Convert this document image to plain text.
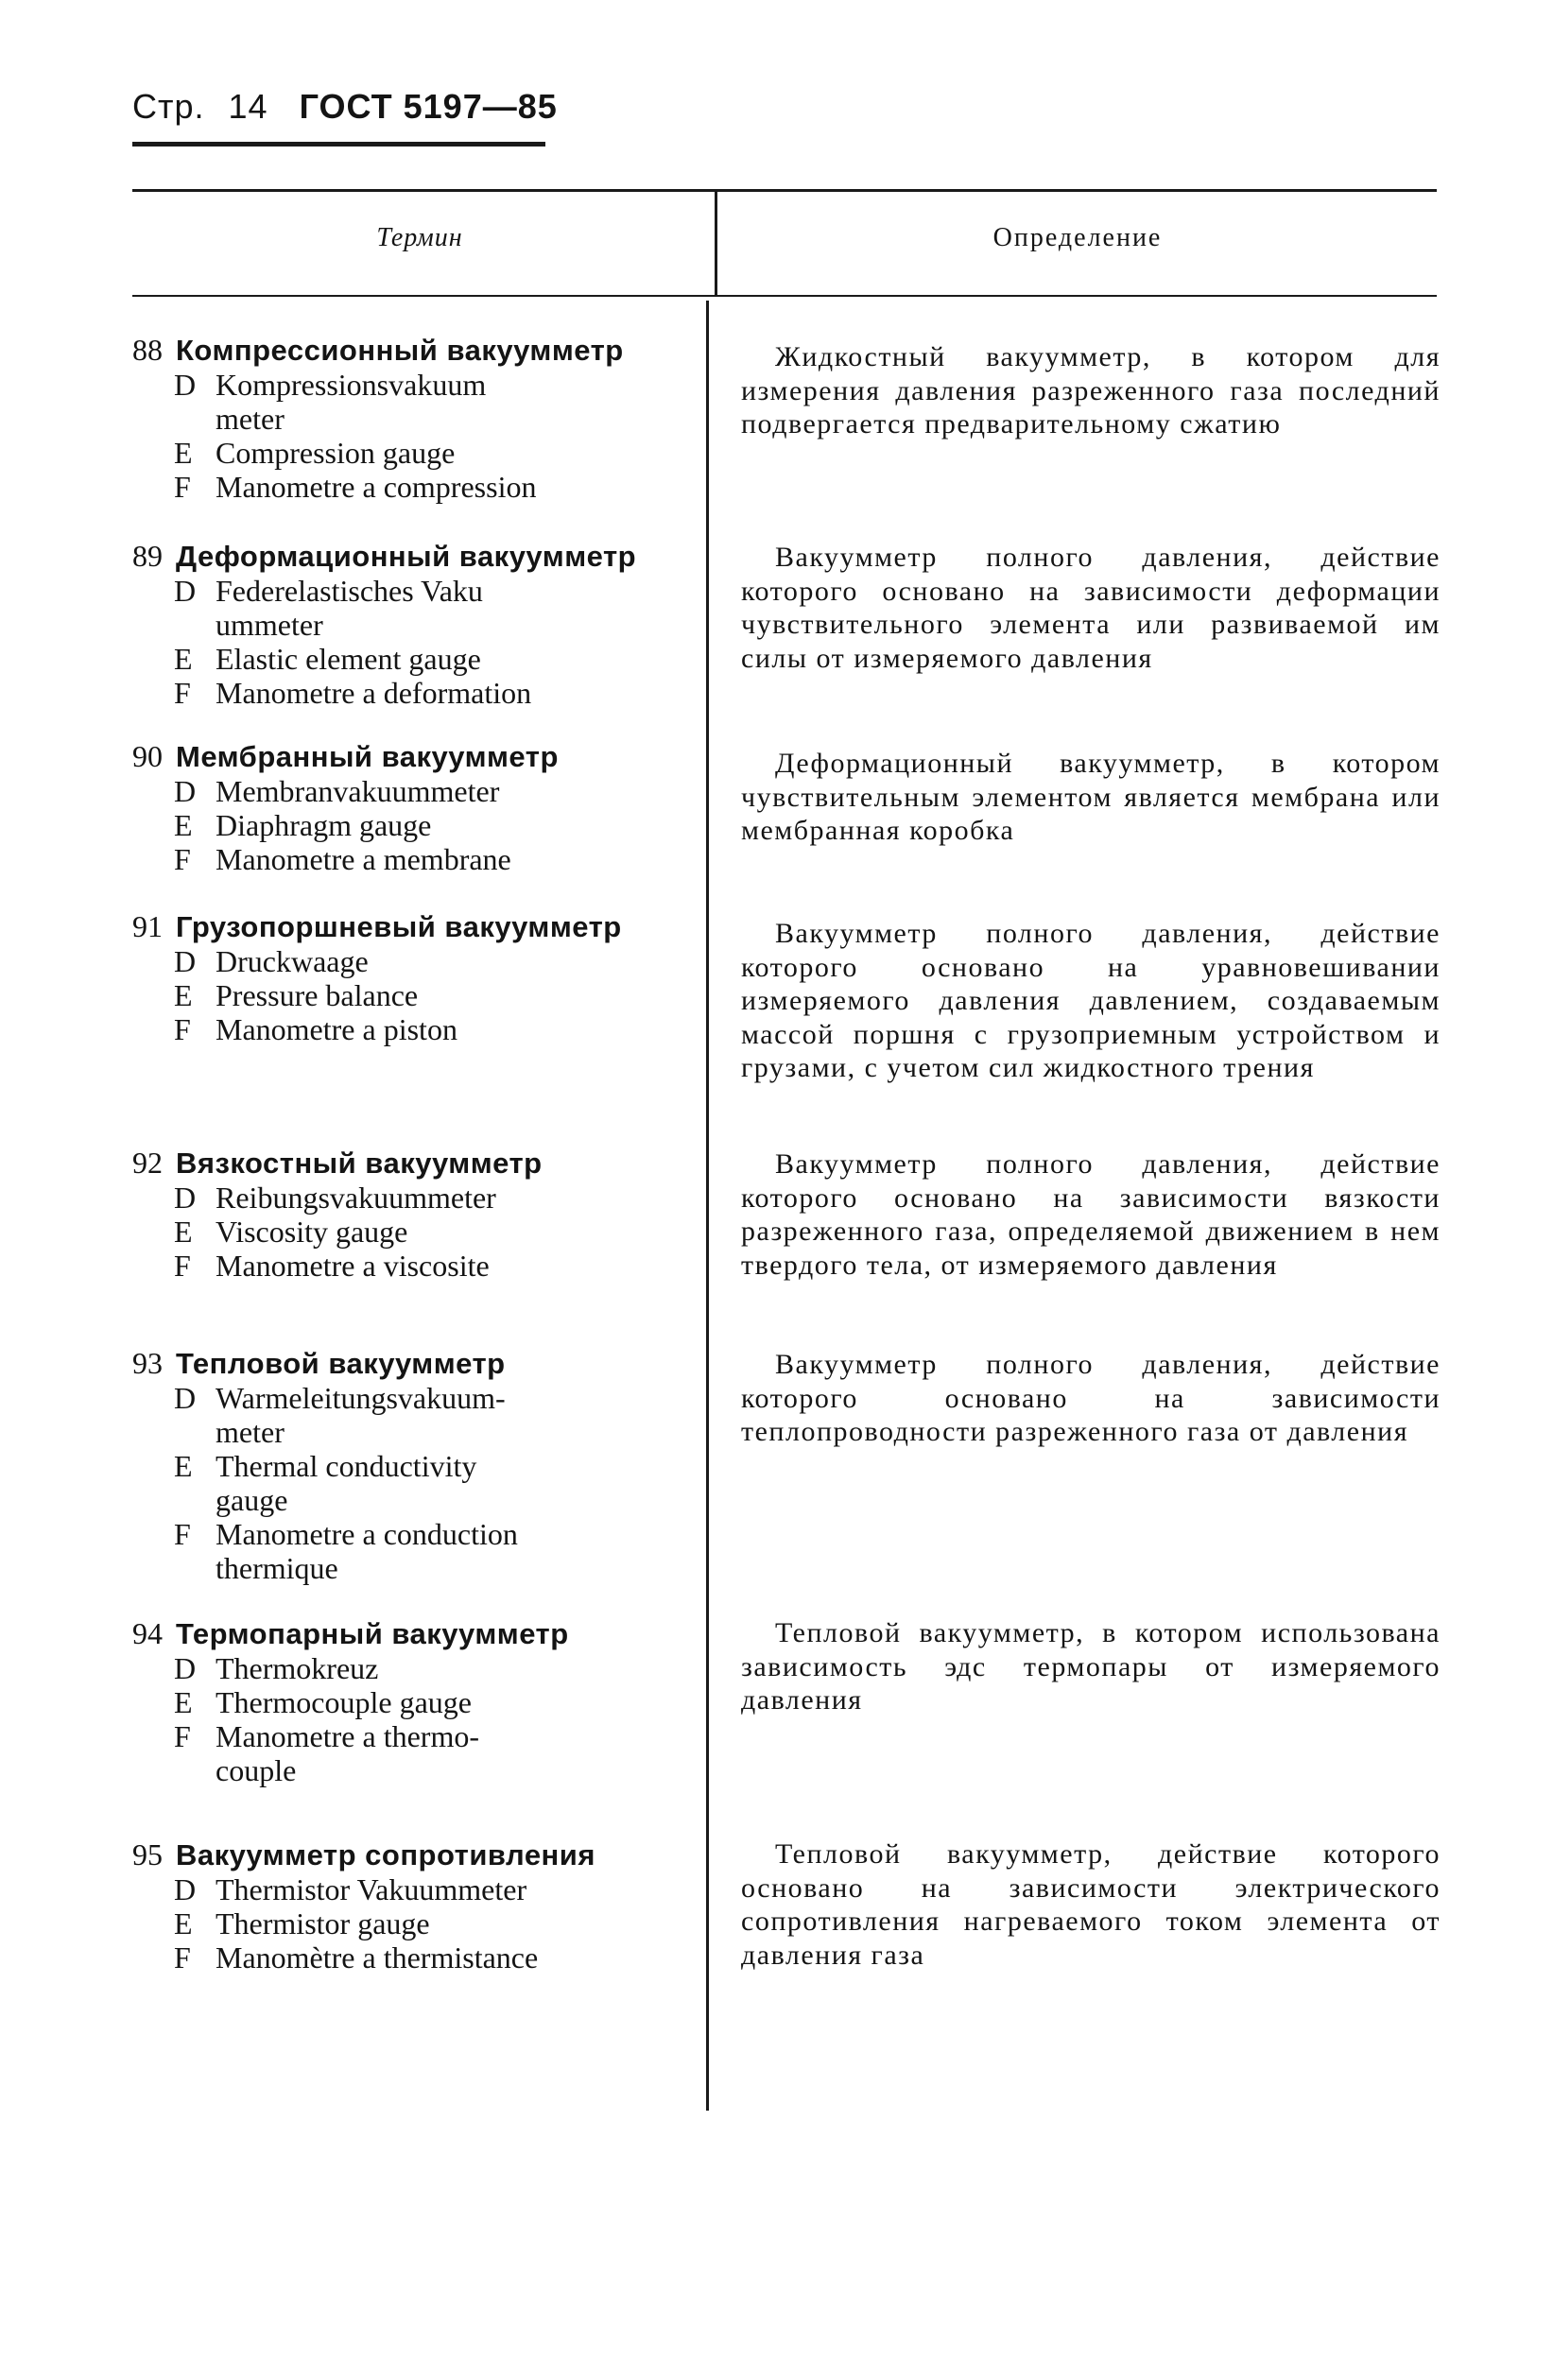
Стр. 14 ГОСТ 5197—85
Термин	Определение
88 Компрессионный вакуумметр
D Kompressionsvakuum
meter
E Compression gauge
F Manometre a compression
Жидкостный вакуумметр, в котором для измерения давления разреженного газа последний подвергается предварительному сжатию
89 Деформационный вакуумметр
D Federelastisches Vaku
ummeter
E Elastic element gauge
F Manometre a deformation
Вакуумметр полного давления, действие которого основано на зависимости деформации чувствительного элемента или развиваемой им силы от измеряемого давления
90 Мембранный вакуумметр
D Membranvakuummeter
E Diaphragm gauge
F Manometre a membrane
Деформационный вакуумметр, в котором чувствительным элементом является мембрана или мембранная коробка
91 Грузопоршневый вакуумметр
D Druckwaage
E Pressure balance
F Manometre a piston
Вакуумметр полного давления, действие которого основано на уравновешивании измеряемого давления давлением, создаваемым массой поршня с грузоприемным устройством и грузами, с учетом сил жидкостного трения
92 Вязкостный вакуумметр
D Reibungsvakuummeter
E Viscosity gauge
F Manometre a viscosite
Вакуумметр полного давления, действие которого основано на зависимости вязкости разреженного газа, определяемой движением в нем твердого тела, от измеряемого давления
93 Тепловой вакуумметр
D Warmeleitungsvakuum-
meter
E Thermal conductivity
gauge
F Manometre a conduction
thermique
Вакуумметр полного давления, действие которого основано на зависимости теплопроводности разреженного газа от давления
94 Термопарный вакуумметр
D Thermokreuz
E Thermocouple gauge
F Manometre a thermo-
couple
Тепловой вакуумметр, в котором использована зависимость эдс термопары от измеряемого давления
95 Вакуумметр сопротивления
D Thermistor Vakuummeter
E Thermistor gauge
F Manomètre a thermistance
Тепловой вакуумметр, действие которого основано на зависимости электрического сопротивления нагреваемого током элемента от давления газа
